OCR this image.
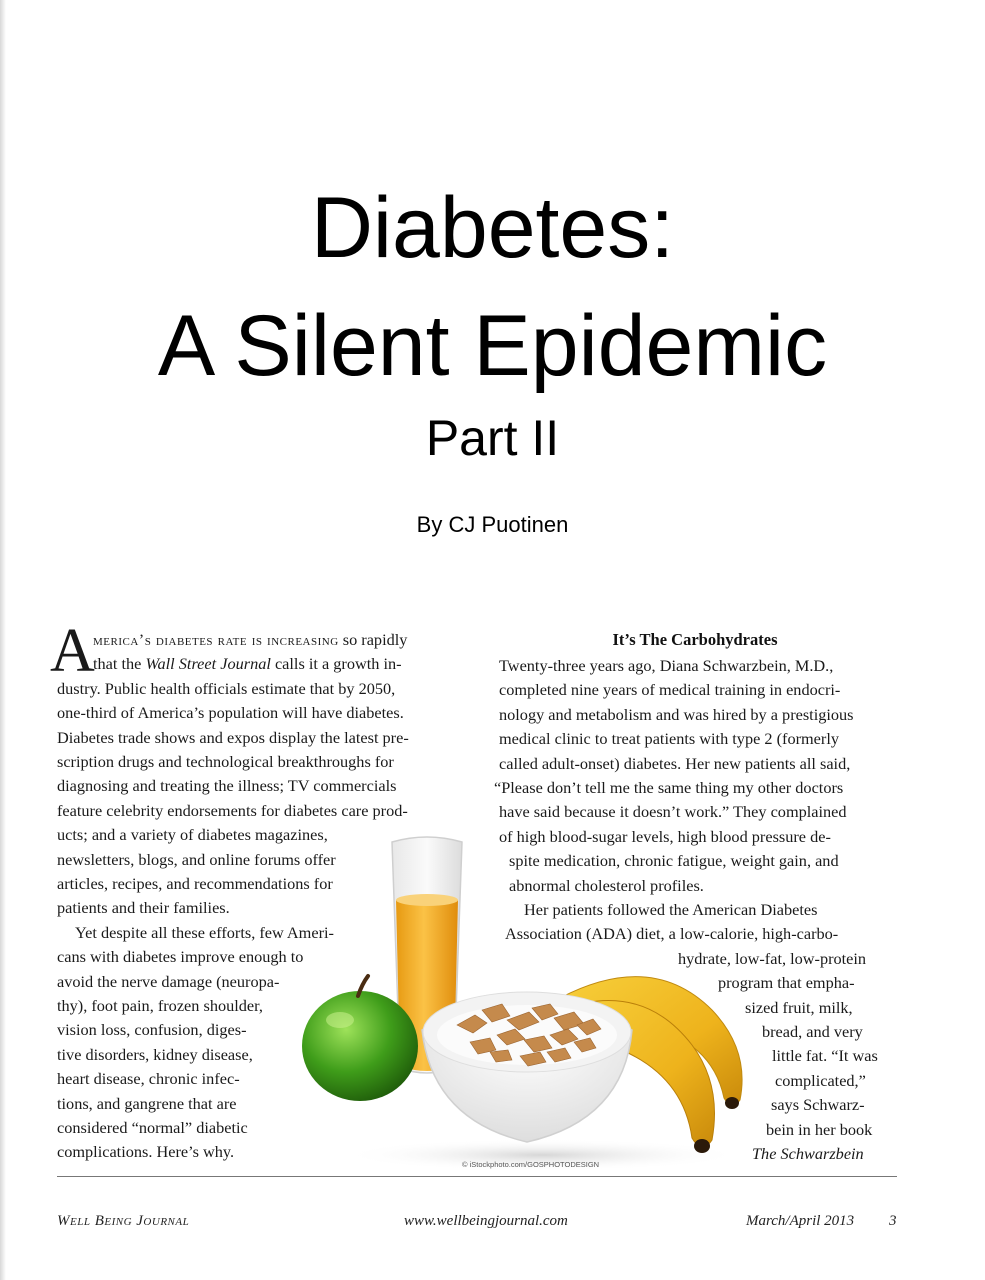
Diabetes:
A Silent Epidemic
Part II
By CJ Puotinen
A
merica’s diabetes rate is increasing so rapidly
that the Wall Street Journal calls it a growth in-
dustry. Public health officials estimate that by 2050,
one-third of America’s population will have diabetes.
Diabetes trade shows and expos display the latest pre-
scription drugs and technological breakthroughs for
diagnosing and treating the illness; TV commercials
feature celebrity endorsements for diabetes care prod-
ucts; and a variety of diabetes magazines,
newsletters, blogs, and online forums offer
articles, recipes, and recommendations for
patients and their families.
Yet despite all these efforts, few Ameri-
cans with diabetes improve enough to
avoid the nerve damage (neuropa-
thy), foot pain, frozen shoulder,
vision loss, confusion, diges-
tive disorders, kidney disease,
heart disease, chronic infec-
tions, and gangrene that are
considered “normal” diabetic
complications. Here’s why.
It’s The Carbohydrates
Twenty-three years ago, Diana Schwarzbein, M.D.,
completed nine years of medical training in endocri-
nology and metabolism and was hired by a prestigious
medical clinic to treat patients with type 2 (formerly
called adult-onset) diabetes. Her new patients all said,
“Please don’t tell me the same thing my other doctors
have said because it doesn’t work.” They complained
of high blood-sugar levels, high blood pressure de-
spite medication, chronic fatigue, weight gain, and
abnormal cholesterol profiles.
Her patients followed the American Diabetes
Association (ADA) diet, a low-calorie, high-carbo-
hydrate, low-fat, low-protein
program that empha-
sized fruit, milk,
bread, and very
little fat. “It was
complicated,”
says Schwarz-
bein in her book
The Schwarzbein
© iStockphoto.com/GOSPHOTODESIGN
Well Being Journal	www.wellbeingjournal.com	March/April 2013 3
